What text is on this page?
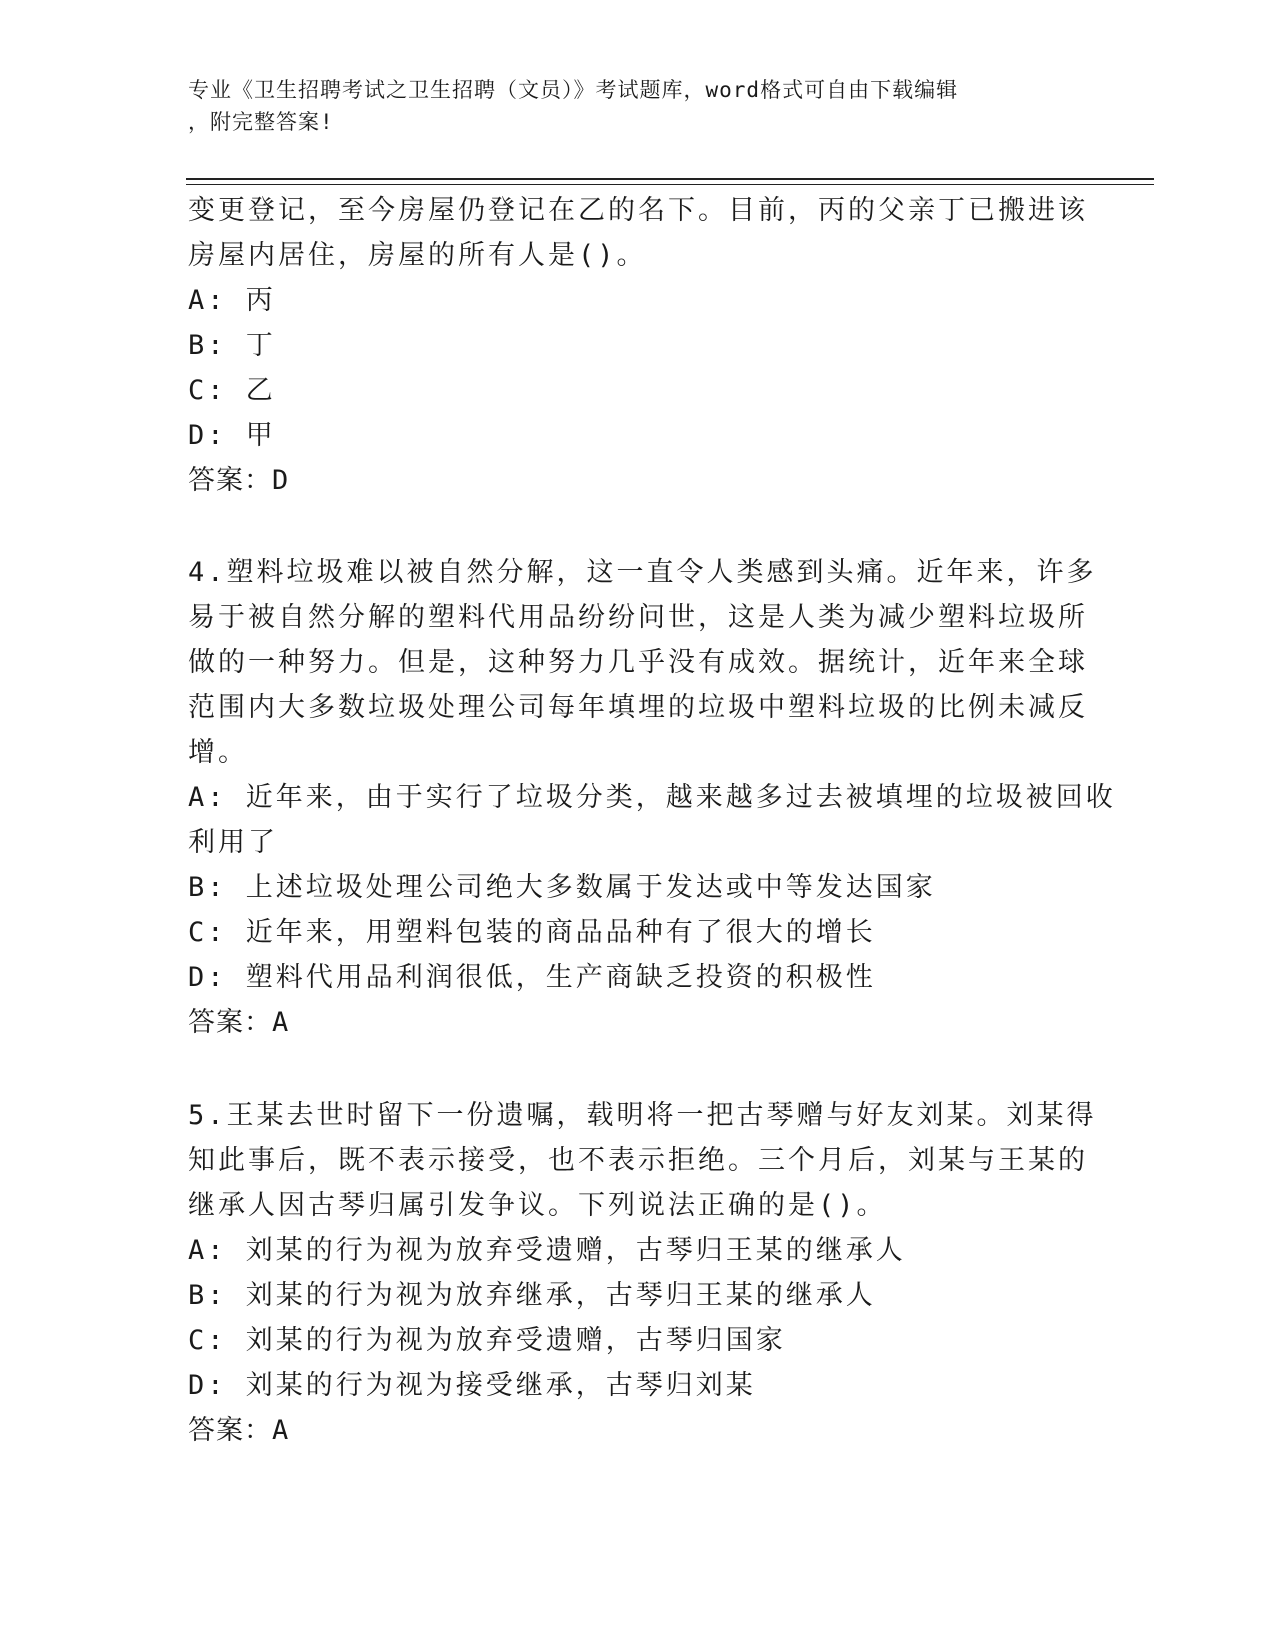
专业《卫生招聘考试之卫生招聘（文员）》考试题库，word格式可自由下载编辑
，附完整答案!
变更登记，至今房屋仍登记在乙的名下。目前，丙的父亲丁已搬进该
房屋内居住，房屋的所有人是()。
A: 丙
B: 丁
C: 乙
D: 甲
答案：D
4.塑料垃圾难以被自然分解，这一直令人类感到头痛。近年来，许多
易于被自然分解的塑料代用品纷纷问世，这是人类为减少塑料垃圾所
做的一种努力。但是，这种努力几乎没有成效。据统计，近年来全球
范围内大多数垃圾处理公司每年填埋的垃圾中塑料垃圾的比例未减反
增。
A: 近年来，由于实行了垃圾分类，越来越多过去被填埋的垃圾被回收
利用了
B: 上述垃圾处理公司绝大多数属于发达或中等发达国家
C: 近年来，用塑料包装的商品品种有了很大的增长
D: 塑料代用品利润很低，生产商缺乏投资的积极性
答案：A
5.王某去世时留下一份遗嘱，载明将一把古琴赠与好友刘某。刘某得
知此事后，既不表示接受，也不表示拒绝。三个月后，刘某与王某的
继承人因古琴归属引发争议。下列说法正确的是()。
A: 刘某的行为视为放弃受遗赠，古琴归王某的继承人
B: 刘某的行为视为放弃继承，古琴归王某的继承人
C: 刘某的行为视为放弃受遗赠，古琴归国家
D: 刘某的行为视为接受继承，古琴归刘某
答案：A
